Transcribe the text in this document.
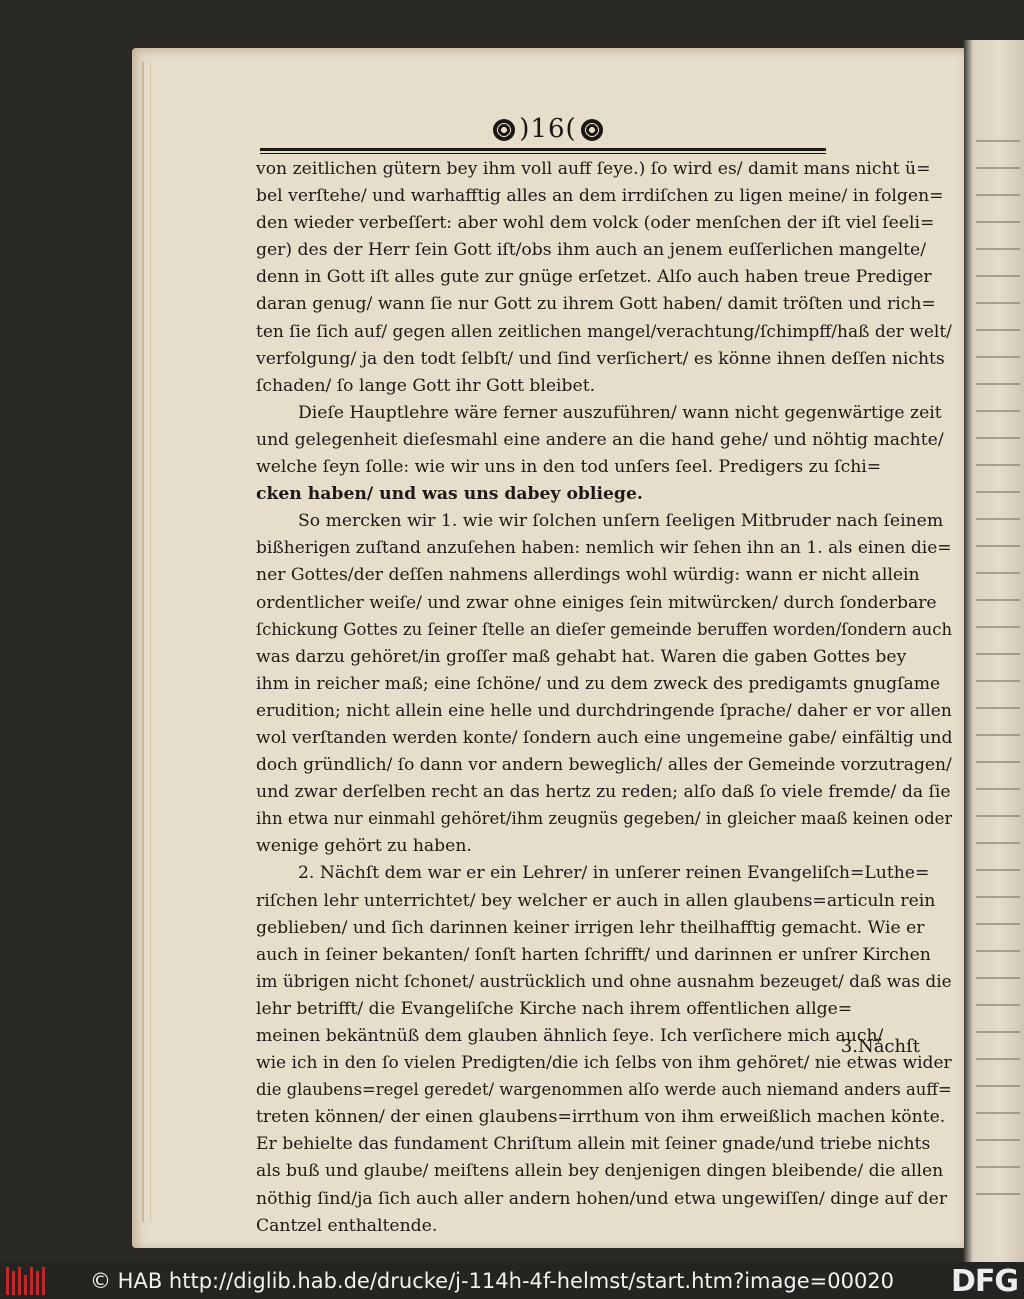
)16(
von zeitlichen gütern bey ihm voll auff ſeye.) ſo wird es/ damit mans nicht ü=
bel verſtehe/ und warhafftig alles an dem irrdiſchen zu ligen meine/ in folgen=
den wieder verbeſſert: aber wohl dem volck (oder menſchen der iſt viel ſeeli=
ger) des der Herr ſein Gott iſt/obs ihm auch an jenem euſſerlichen mangelte/
denn in Gott iſt alles gute zur gnüge erſetzet. Alſo auch haben treue Prediger
daran genug/ wann ſie nur Gott zu ihrem Gott haben/ damit tröſten und rich=
ten ſie ſich auf/ gegen allen zeitlichen mangel/verachtung/ſchimpff/haß der welt/
verfolgung/ ja den todt ſelbſt/ und ſind verſichert/ es könne ihnen deſſen nichts
ſchaden/ ſo lange Gott ihr Gott bleibet.
Dieſe Hauptlehre wäre ferner auszuführen/ wann nicht gegenwärtige zeit
und gelegenheit dieſesmahl eine andere an die hand gehe/ und nöhtig machte/
welche ſeyn ſolle: wie wir uns in den tod unſers ſeel. Predigers zu ſchi=
cken haben/ und was uns dabey obliege.
So mercken wir 1. wie wir ſolchen unſern ſeeligen Mitbruder nach ſeinem
bißherigen zuſtand anzuſehen haben: nemlich wir ſehen ihn an 1. als einen die=
ner Gottes/der deſſen nahmens allerdings wohl würdig: wann er nicht allein
ordentlicher weiſe/ und zwar ohne einiges ſein mitwürcken/ durch ſonderbare
ſchickung Gottes zu ſeiner ſtelle an dieſer gemeinde beruffen worden/ſondern auch
was darzu gehöret/in groſſer maß gehabt hat. Waren die gaben Gottes bey
ihm in reicher maß; eine ſchöne/ und zu dem zweck des predigamts gnugſame
erudition; nicht allein eine helle und durchdringende ſprache/ daher er vor allen
wol verſtanden werden konte/ ſondern auch eine ungemeine gabe/ einfältig und
doch gründlich/ ſo dann vor andern beweglich/ alles der Gemeinde vorzutragen/
und zwar derſelben recht an das hertz zu reden; alſo daß ſo viele fremde/ da ſie
ihn etwa nur einmahl gehöret/ihm zeugnüs gegeben/ in gleicher maaß keinen oder
wenige gehört zu haben.
2. Nächſt dem war er ein Lehrer/ in unſerer reinen Evangeliſch=Luthe=
riſchen lehr unterrichtet/ bey welcher er auch in allen glaubens=articuln rein
geblieben/ und ſich darinnen keiner irrigen lehr theilhafftig gemacht. Wie er
auch in ſeiner bekanten/ ſonſt harten ſchrifft/ und darinnen er unſrer Kirchen
im übrigen nicht ſchonet/ austrücklich und ohne ausnahm bezeuget/ daß was die
lehr betrifft/ die Evangeliſche Kirche nach ihrem offentlichen allge=
meinen bekäntnüß dem glauben ähnlich ſeye. Ich verſichere mich auch/
wie ich in den ſo vielen Predigten/die ich ſelbs von ihm gehöret/ nie etwas wider
die glaubens=regel geredet/ wargenommen alſo werde auch niemand anders auff=
treten können/ der einen glaubens=irrthum von ihm erweißlich machen könte.
Er behielte das fundament Chriſtum allein mit ſeiner gnade/und triebe nichts
als buß und glaube/ meiſtens allein bey denjenigen dingen bleibende/ die allen
nöthig ſind/ja ſich auch aller andern hohen/und etwa ungewiſſen/ dinge auf der
Cantzel enthaltende.
3.Nächſt
© HAB http://diglib.hab.de/drucke/j-114h-4f-helmst/start.htm?image=00020 DFG
